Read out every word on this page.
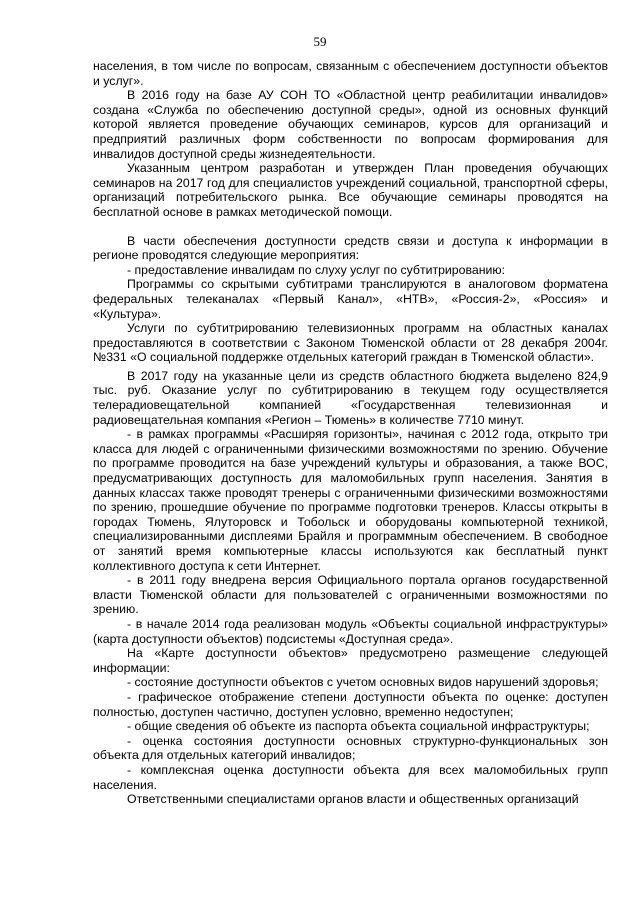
59

населения, в том числе по вопросам, связанным с обеспечением доступности объектов и услуг».

В 2016 году на базе АУ СОН ТО «Областной центр реабилитации инвалидов» создана «Служба по обеспечению доступной среды», одной из основных функций которой является проведение обучающих семинаров, курсов для организаций и предприятий различных форм собственности по вопросам формирования для инвалидов доступной среды жизнедеятельности.

Указанным центром разработан и утвержден План проведения обучающих семинаров на 2017 год для специалистов учреждений социальной, транспортной сферы, организаций потребительского рынка. Все обучающие семинары проводятся на бесплатной основе в рамках методической помощи.

В части обеспечения доступности средств связи и доступа к информации в регионе проводятся следующие мероприятия:

- предоставление инвалидам по слуху услуг по субтитрированию:

Программы со скрытыми субтитрами транслируются в аналоговом форматена федеральных телеканалах «Первый Канал», «НТВ», «Россия-2», «Россия» и «Культура».

Услуги по субтитрированию телевизионных программ на областных каналах предоставляются в соответствии с Законом Тюменской области от 28 декабря 2004г. №331 «О социальной поддержке отдельных категорий граждан в Тюменской области».

В 2017 году на указанные цели из средств областного бюджета выделено 824,9 тыс. руб. Оказание услуг по субтитрированию в текущем году осуществляется телерадиовещательной компанией «Государственная телевизионная и радиовещательная компания «Регион – Тюмень» в количестве 7710 минут.

- в рамках программы «Расширяя горизонты», начиная с 2012 года, открыто три класса для людей с ограниченными физическими возможностями по зрению. Обучение по программе проводится на базе учреждений культуры и образования, а также ВОС, предусматривающих доступность для маломобильных групп населения. Занятия в данных классах также проводят тренеры с ограниченными физическими возможностями по зрению, прошедшие обучение по программе подготовки тренеров. Классы открыты в городах Тюмень, Ялуторовск и Тобольск и оборудованы компьютерной техникой, специализированными дисплеями Брайля и программным обеспечением. В свободное от занятий время компьютерные классы используются как бесплатный пункт коллективного доступа к сети Интернет.

- в 2011 году внедрена версия Официального портала органов государственной власти Тюменской области для пользователей с ограниченными возможностями по зрению.

- в начале 2014 года реализован модуль «Объекты социальной инфраструктуры» (карта доступности объектов) подсистемы «Доступная среда».

На «Карте доступности объектов» предусмотрено размещение следующей информации:

- состояние доступности объектов с учетом основных видов нарушений здоровья;

- графическое отображение степени доступности объекта по оценке: доступен полностью, доступен частично, доступен условно, временно недоступен;

- общие сведения об объекте из паспорта объекта социальной инфраструктуры;

- оценка состояния доступности основных структурно-функциональных зон объекта для отдельных категорий инвалидов;

- комплексная оценка доступности объекта для всех маломобильных групп населения.

Ответственными специалистами органов власти и общественных организаций
